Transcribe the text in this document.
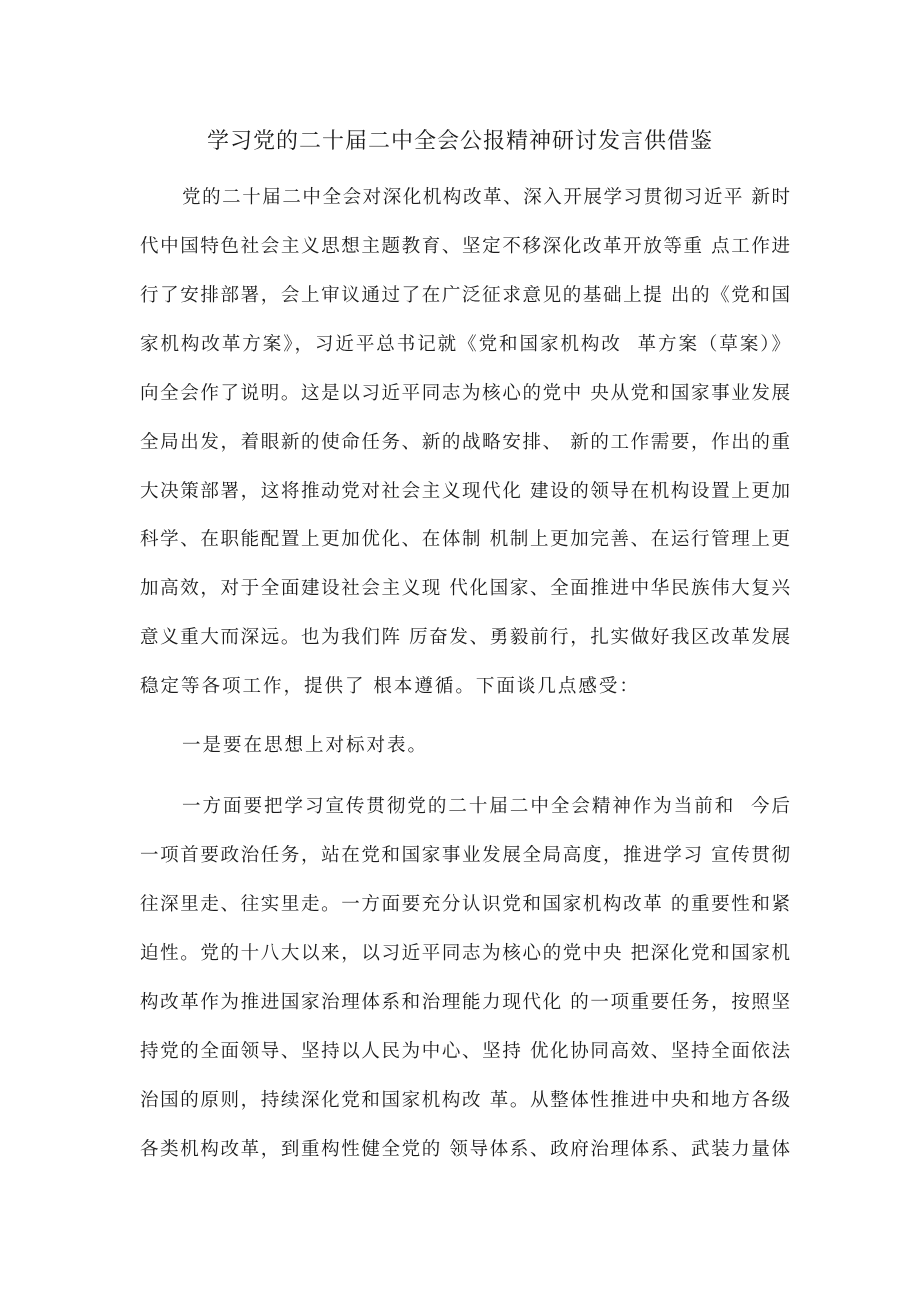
学习党的二十届二中全会公报精神研讨发言供借鉴
党的二十届二中全会对深化机构改革、深入开展学习贯彻习近平 新时
代中国特色社会主义思想主题教育、坚定不移深化改革开放等重 点工作进
行了安排部署，会上审议通过了在广泛征求意见的基础上提 出的《党和国
家机构改革方案》，习近平总书记就《党和国家机构改  革方案（草案）》
向全会作了说明。这是以习近平同志为核心的党中 央从党和国家事业发展
全局出发，着眼新的使命任务、新的战略安排、 新的工作需要，作出的重
大决策部署，这将推动党对社会主义现代化 建设的领导在机构设置上更加
科学、在职能配置上更加优化、在体制 机制上更加完善、在运行管理上更
加高效，对于全面建设社会主义现 代化国家、全面推进中华民族伟大复兴
意义重大而深远。也为我们阵 厉奋发、勇毅前行，扎实做好我区改革发展
稳定等各项工作，提供了 根本遵循。下面谈几点感受：
一是要在思想上对标对表。
一方面要把学习宣传贯彻党的二十届二中全会精神作为当前和  今后
一项首要政治任务，站在党和国家事业发展全局高度，推进学习 宣传贯彻
往深里走、往实里走。一方面要充分认识党和国家机构改革 的重要性和紧
迫性。党的十八大以来，以习近平同志为核心的党中央 把深化党和国家机
构改革作为推进国家治理体系和治理能力现代化 的一项重要任务，按照坚
持党的全面领导、坚持以人民为中心、坚持 优化协同高效、坚持全面依法
治国的原则，持续深化党和国家机构改 革。从整体性推进中央和地方各级
各类机构改革，到重构性健全党的 领导体系、政府治理体系、武装力量体
